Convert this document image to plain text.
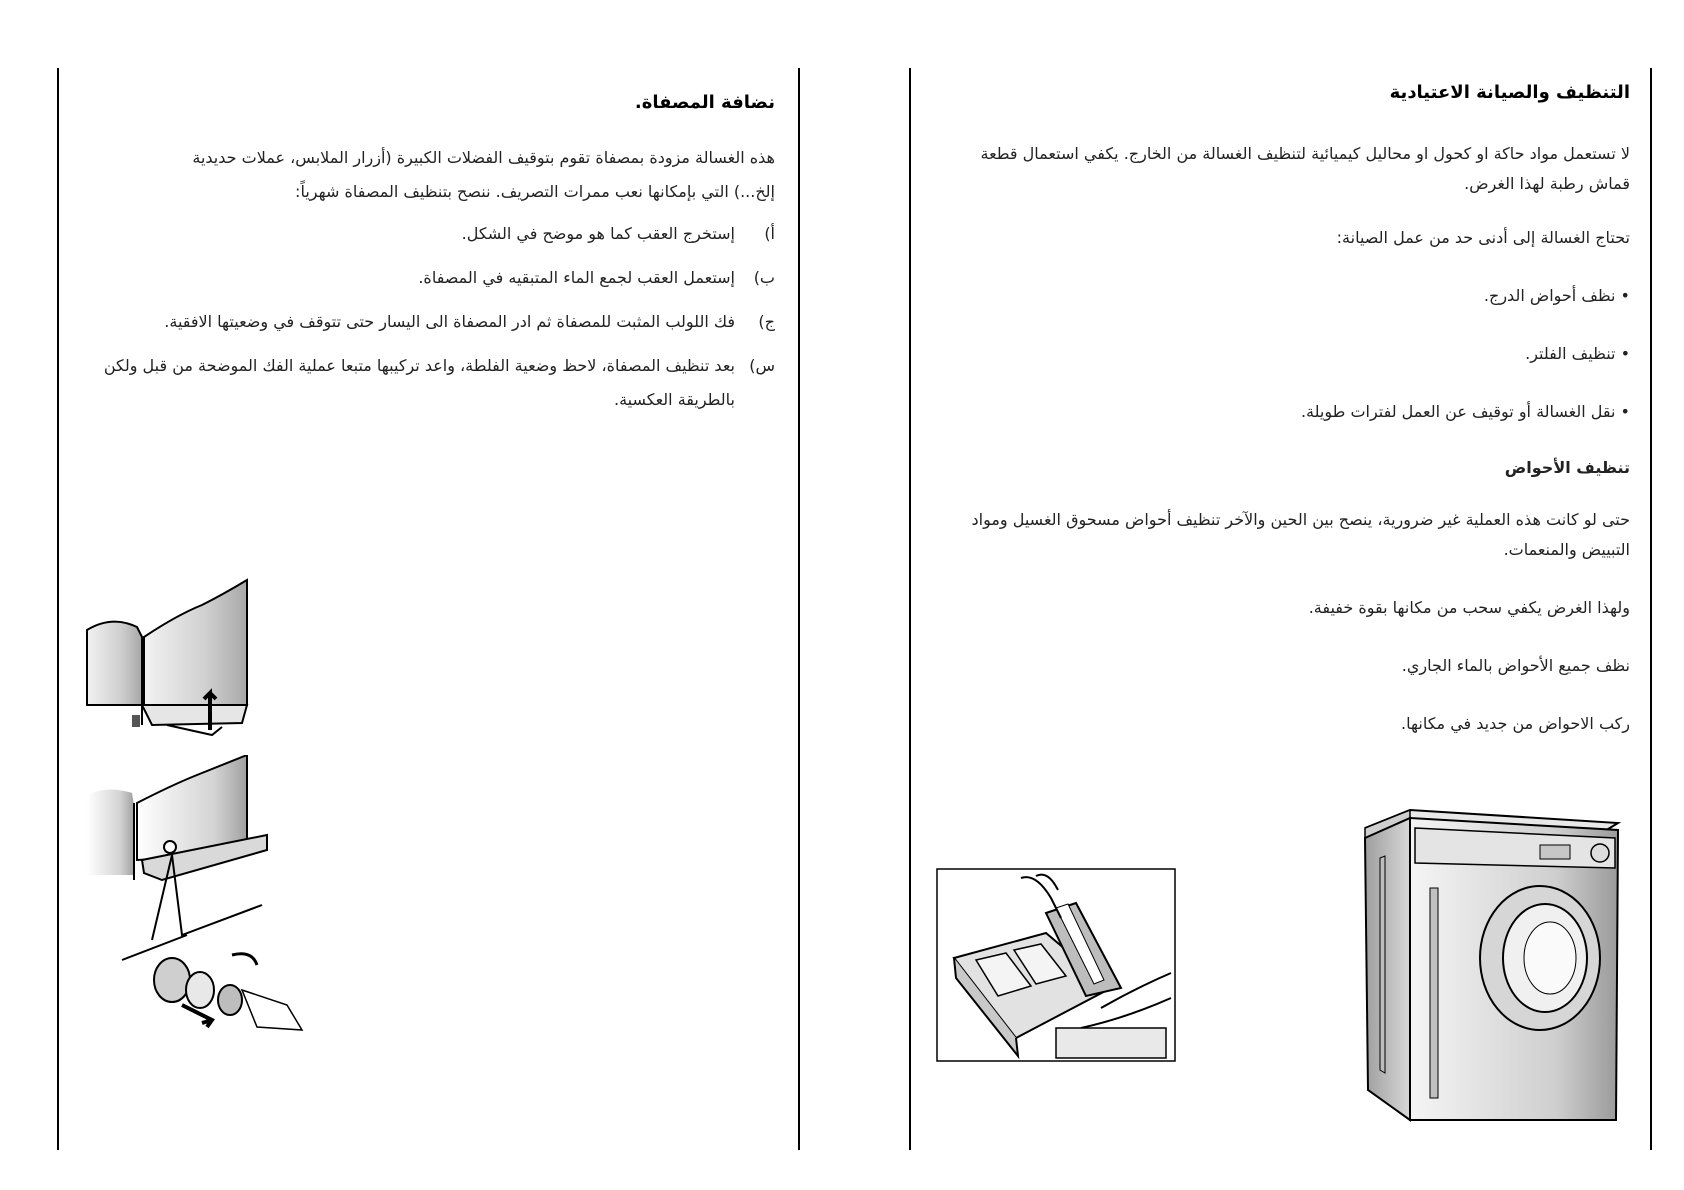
نضافة المصفاة.

هذه الغسالة مزودة بمصفاة تقوم بتوقيف الفضلات الكبيرة (أزرار الملابس، عملات حديدية إلخ...) التي بإمكانها نعب ممرات التصريف. ننصح بتنظيف المصفاة شهرياً:

أ)
إستخرج العقب كما هو موضح في الشكل.
ب)
إستعمل العقب لجمع الماء المتبقيه في المصفاة.
ج)
فك اللولب المثبت للمصفاة ثم ادر المصفاة الى اليسار حتى تتوقف في وضعيتها الافقية.
س)
بعد تنظيف المصفاة، لاحظ وضعية الفلطة، واعد تركيبها متبعا عملية الفك الموضحة من قبل ولكن بالطريقة العكسية.
التنظيف والصيانة الاعتيادية

لا تستعمل مواد حاكة او كحول او محاليل كيميائية لتنظيف الغسالة من الخارج. يكفي استعمال قطعة قماش رطبة لهذا الغرض.

تحتاج الغسالة إلى أدنى حد من عمل الصيانة:

• نظف أحواض الدرج.

• تنظيف الفلتر.

• نقل الغسالة أو توقيف عن العمل لفترات طويلة.

تنظيف الأحواض

حتى لو كانت هذه العملية غير ضرورية، ينصح بين الحين والآخر تنظيف أحواض مسحوق الغسيل ومواد التبييض والمنعمات.

ولهذا الغرض يكفي سحب من مكانها بقوة خفيفة.

نظف جميع الأحواض بالماء الجاري.

ركب الاحواض من جديد في مكانها.
